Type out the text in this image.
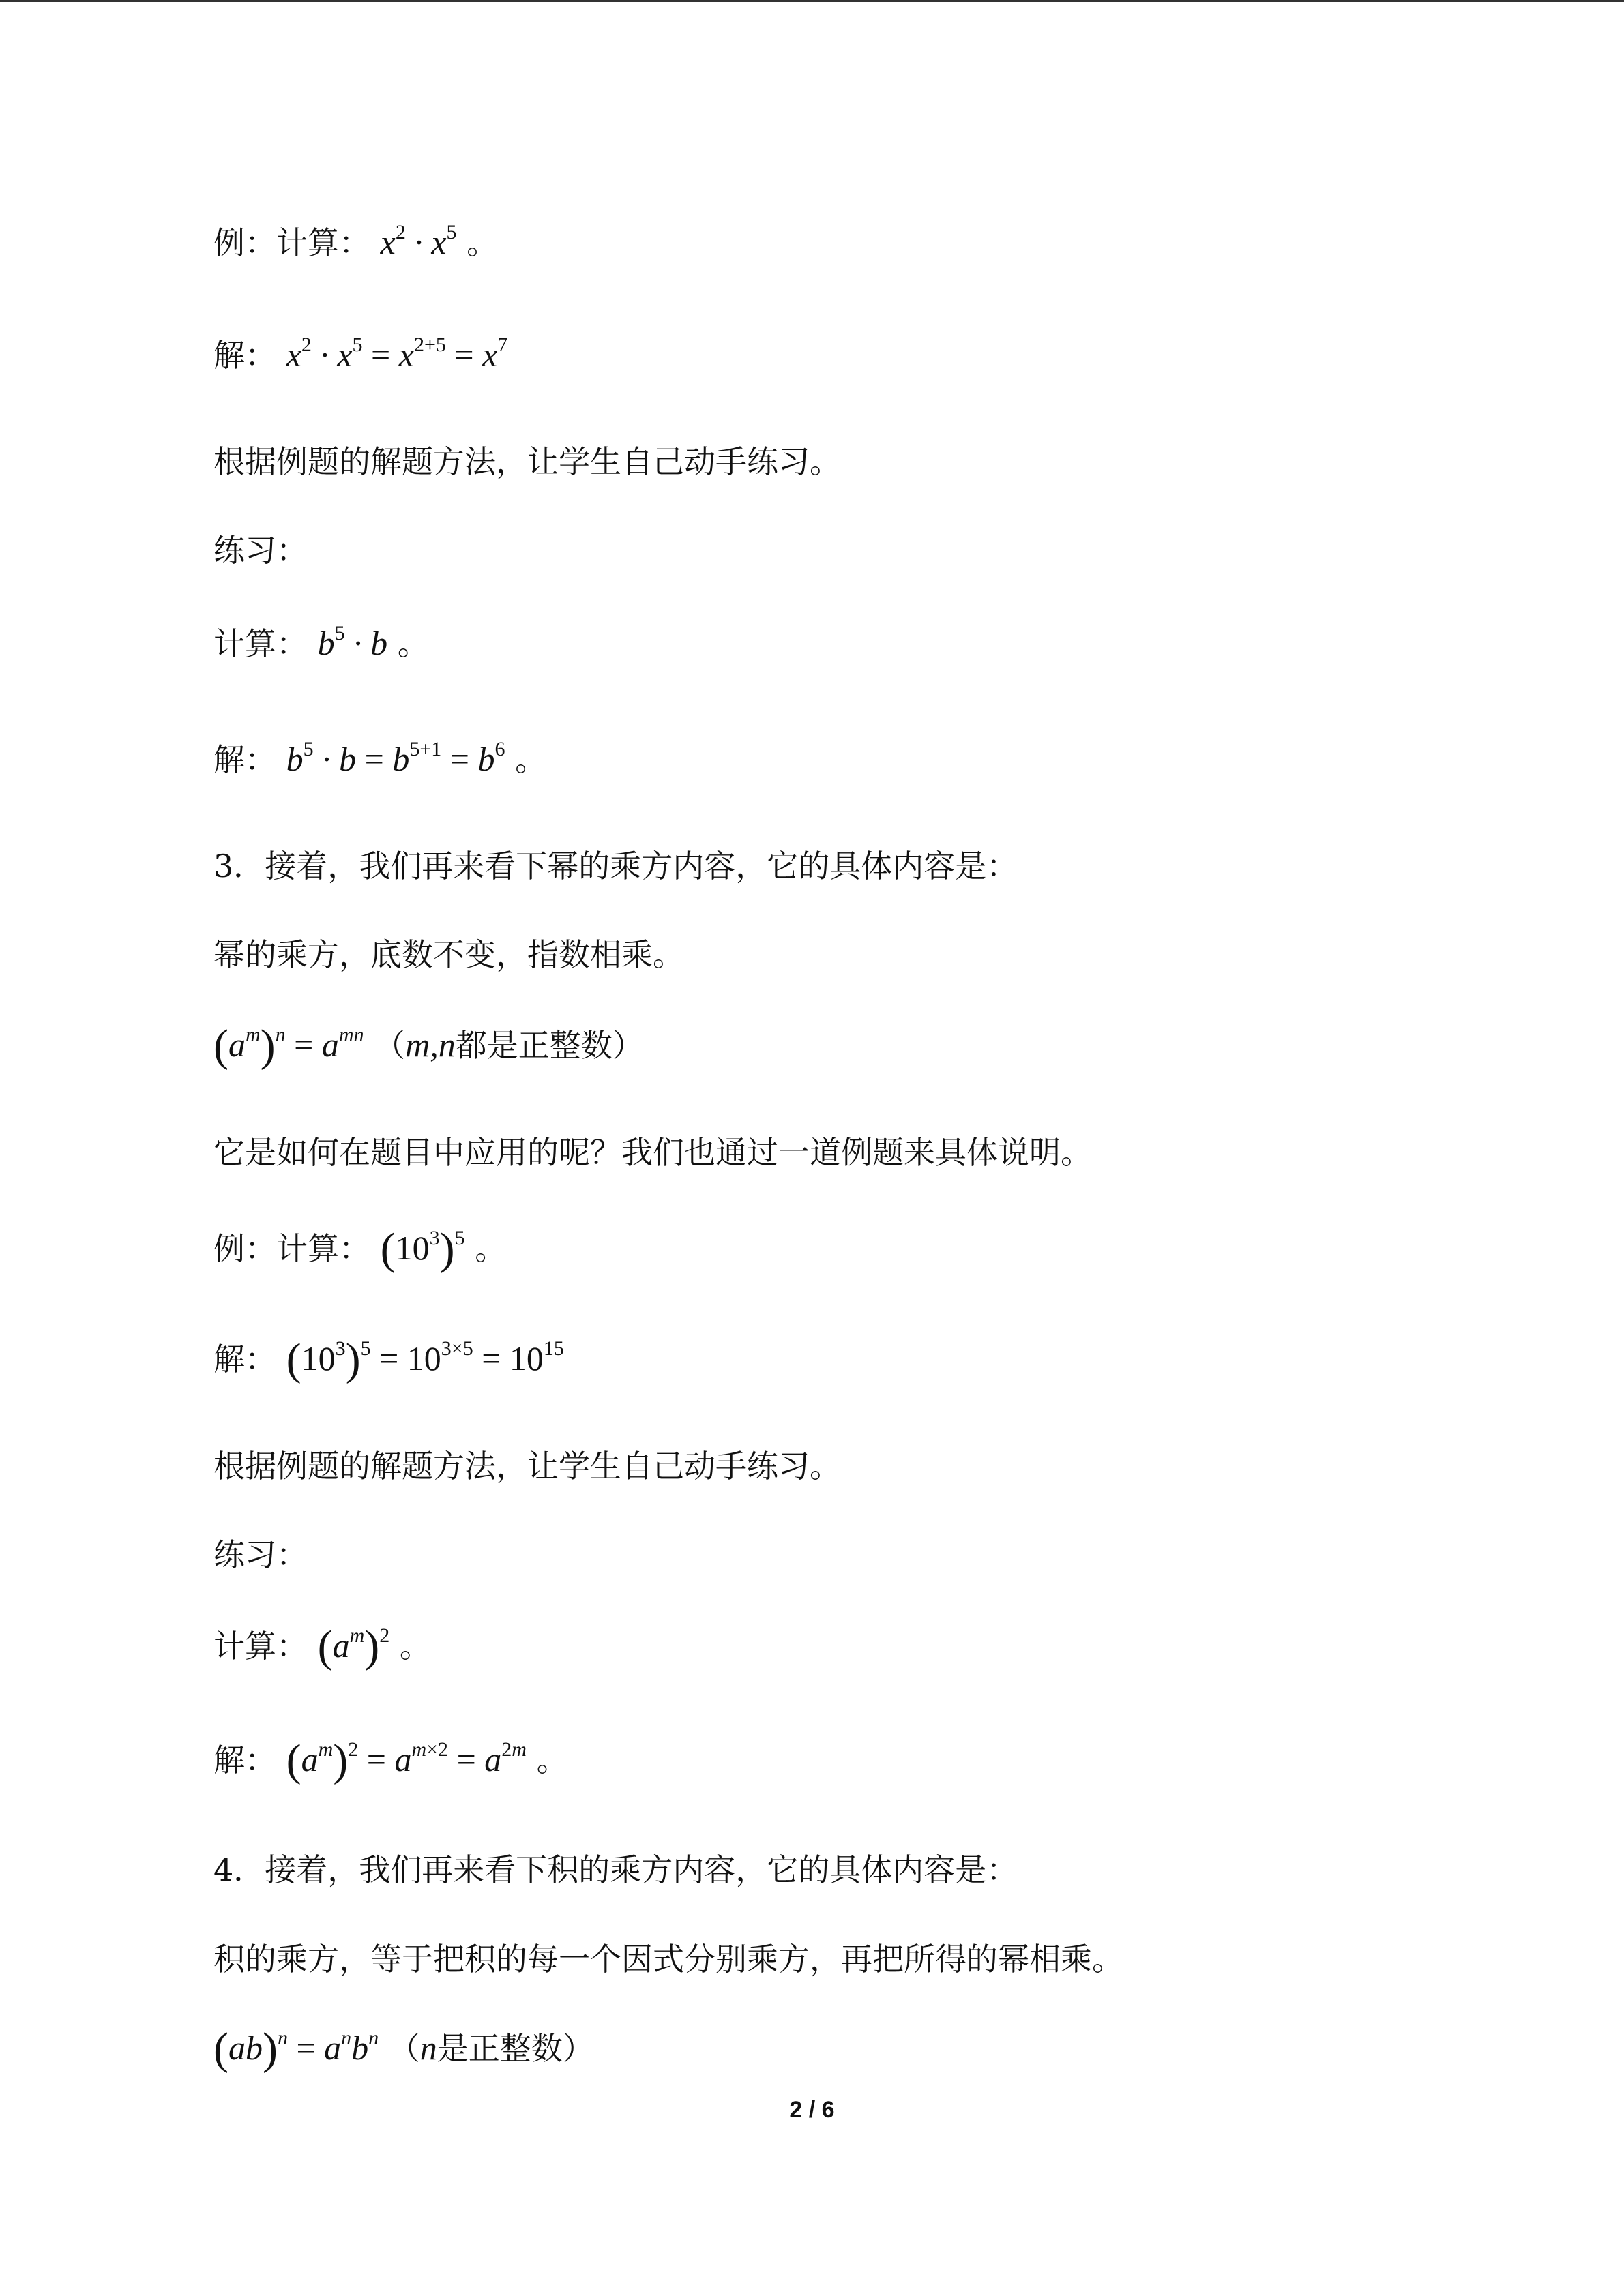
例：计算： $x^2 \cdot x^5$ 。
解： $x^2 \cdot x^5 = x^{2+5} = x^7$
根据例题的解题方法，让学生自己动手练习。
练习：
计算： $b^5 \cdot b$ 。
解： $b^5 \cdot b = b^{5+1} = b^6$ 。
3．接着，我们再来看下幂的乘方内容，它的具体内容是：
幂的乘方，底数不变，指数相乘。
$(a^m)^n = a^{mn}$ （m,n都是正整数）
它是如何在题目中应用的呢？我们也通过一道例题来具体说明。
例：计算： $(10^3)^5$ 。
解： $(10^3)^5 = 10^{3\times 5} = 10^{15}$
根据例题的解题方法，让学生自己动手练习。
练习：
计算： $(a^m)^2$ 。
解： $(a^m)^2 = a^{m\times 2} = a^{2m}$ 。
4．接着，我们再来看下积的乘方内容，它的具体内容是：
积的乘方，等于把积的每一个因式分别乘方，再把所得的幂相乘。
$(ab)^n = a^nb^n$ （n是正整数）
2 / 6
